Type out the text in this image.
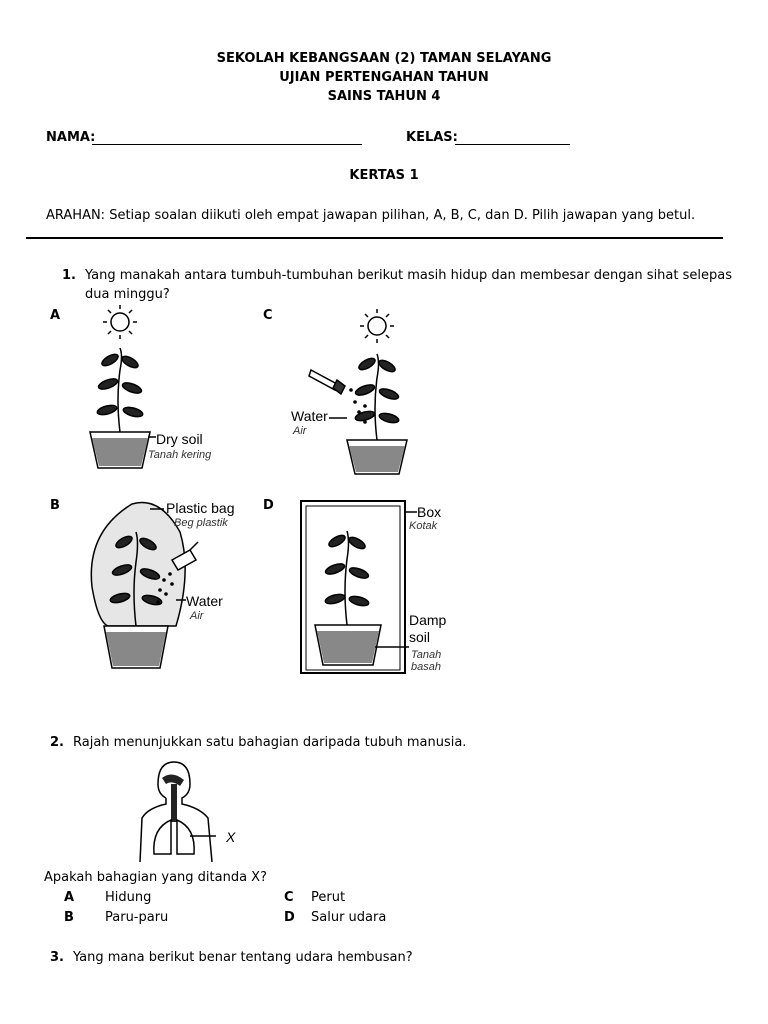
SEKOLAH KEBANGSAAN (2) TAMAN SELAYANG
UJIAN PERTENGAHAN TAHUN
SAINS TAHUN 4
NAMA:	KELAS:
KERTAS 1
ARAHAN: Setiap soalan diikuti oleh empat jawapan pilihan, A, B, C, dan D. Pilih jawapan yang betul.
1. Yang manakah antara tumbuh-tumbuhan berikut masih hidup dan membesar dengan sihat selepas
dua minggu?
A	C
B	D
Dry soil
Tanah kering
Water
Air
Plastic bag
Beg plastik
Water
Air
Box
Kotak
Damp
soil
Tanah
basah
2. Rajah menunjukkan satu bahagian daripada tubuh manusia.
X
Apakah bahagian yang ditanda X?
A Hidung
B Paru-paru
C Perut
D Salur udara
3. Yang mana berikut benar tentang udara hembusan?
